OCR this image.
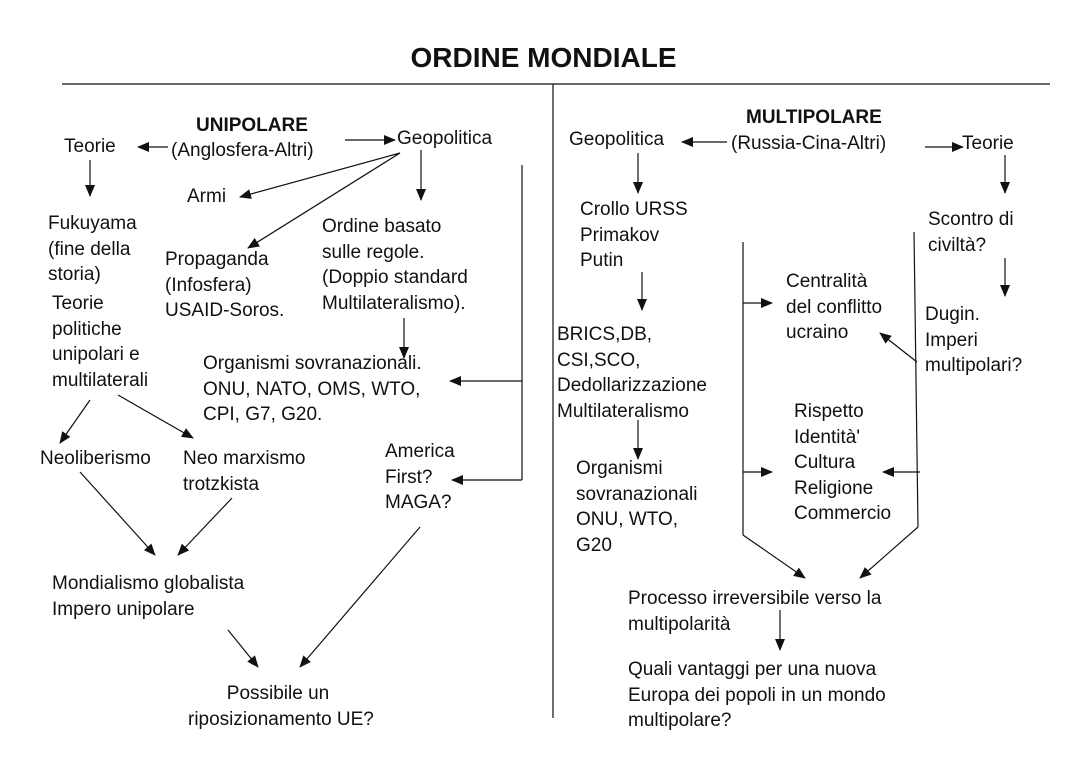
ORDINE MONDIALE
UNIPOLARE
(Anglosfera-Altri)
Teorie	Geopolitica
Armi
Fukuyama
(fine della
storia)
Teorie
politiche
unipolari e
multilaterali
Propaganda
(Infosfera)
USAID-Soros.
Ordine basato
sulle regole.
(Doppio standard
Multilateralismo).
Organismi sovranazionali.
ONU, NATO, OMS, WTO,
CPI, G7, G20.
Neoliberismo Neo marxismo
trotzkista
America
First?
MAGA?
Mondialismo globalista
Impero unipolare
Possibile un
riposizionamento UE?
MULTIPOLARE
(Russia-Cina-Altri)
Geopolitica	Teorie
Crollo URSS
Primakov
Putin
Scontro di
civiltà?
Centralità
del conflitto
ucraino
Dugin.
Imperi
multipolari?
BRICS,DB,
CSI,SCO,
Dedollarizzazione
Multilateralismo	Rispetto
Identità'
Cultura
Religione
Commercio
Organismi
sovranazionali
ONU, WTO,
G20
Processo irreversibile verso la
multipolarità
Quali vantaggi per una nuova
Europa dei popoli in un mondo
multipolare?
